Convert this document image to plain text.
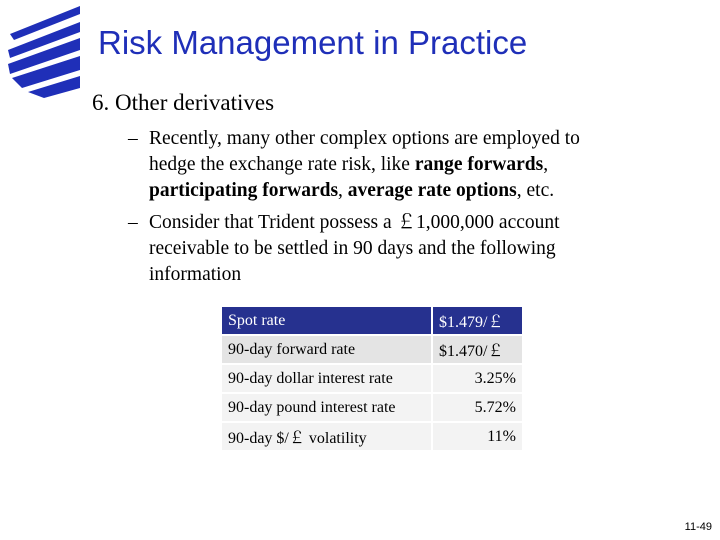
Risk Management in Practice
6. Other derivatives
– Recently, many other complex options are employed to
hedge the exchange rate risk, like range forwards,
participating forwards, average rate options, etc.
– Consider that Trident possess a ￡1,000,000 account
receivable to be settled in 90 days and the following
information
Spot rate	$1.479/￡
90-day forward rate	$1.470/￡
90-day dollar interest rate	3.25%
90-day pound interest rate	5.72%
90-day $/￡ volatility	11%
11-49
